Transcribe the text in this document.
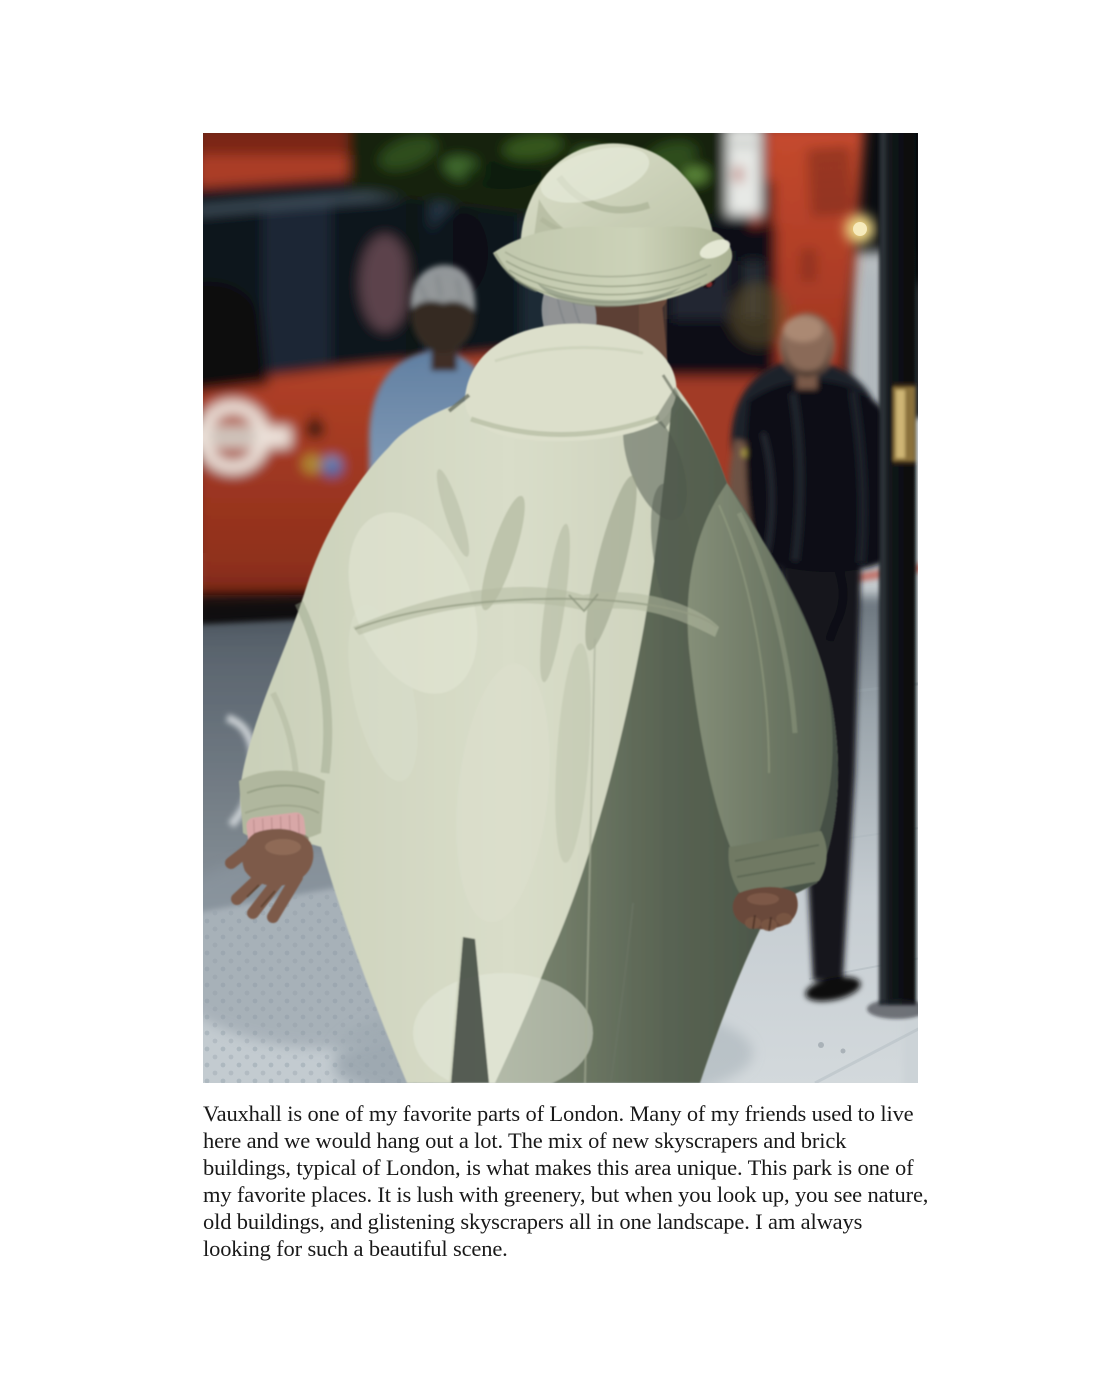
Vauxhall is one of my favorite parts of London. Many of my friends used to live here and we would hang out a lot. The mix of new skyscrapers and brick buildings, typical of London, is what makes this area unique. This park is one of my favorite places. It is lush with greenery, but when you look up, you see nature, old buildings, and glistening skyscrapers all in one landscape. I am always looking for such a beautiful scene.
